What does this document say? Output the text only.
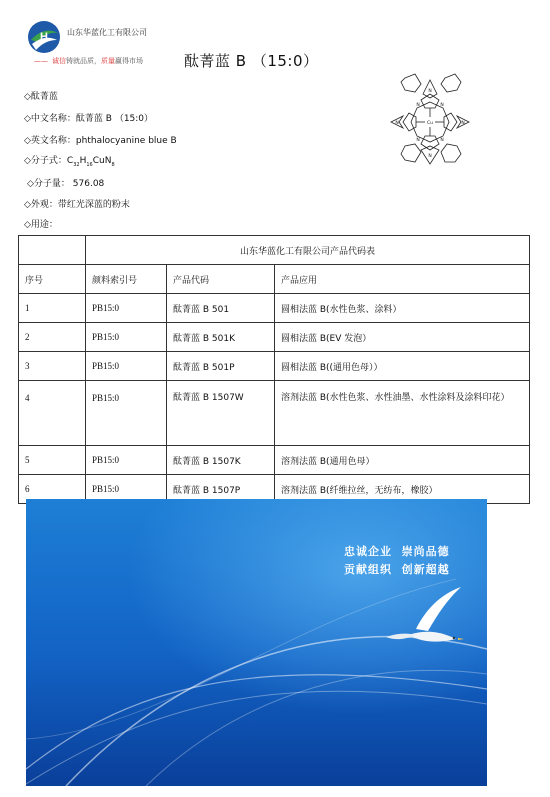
H 山东华蓝化工有限公司
—— 诚信铸就品质，质量赢得市场	酞菁蓝 B （15:0）
N
N
N	N
N	N
N	N
Cu
◇酞菁蓝
◇中文名称：酞菁蓝 B （15:0）
◇英文名称：phthalocyanine blue B
◇分子式：$C_{32}H_{16}CuN_8$
◇分子量： 576.08
◇外观：带红光深蓝的粉末
◇用途：
	山东华蓝化工有限公司产品代码表		
序号	颜料索引号	产品代码	产品应用
1	PB15:0	酞菁蓝 B 501	圆相法蓝 B(水性色浆、涂料）
2	PB15:0	酞菁蓝 B 501K	圆相法蓝 B(EV 发泡）
3	PB15:0	酞菁蓝 B 501P	圆相法蓝 B((通用色母））
4	PB15:0	酞菁蓝 B 1507W	溶剂法蓝 B(水性色浆、水性油墨、水性涂料及涂料印花）
5	PB15:0	酞菁蓝 B 1507K	溶剂法蓝 B(通用色母）
6	PB15:0	酞菁蓝 B 1507P	溶剂法蓝 B(纤维拉丝，无纺布，橡胶）
忠诚企业 崇尚品德
贡献组织 创新超越
